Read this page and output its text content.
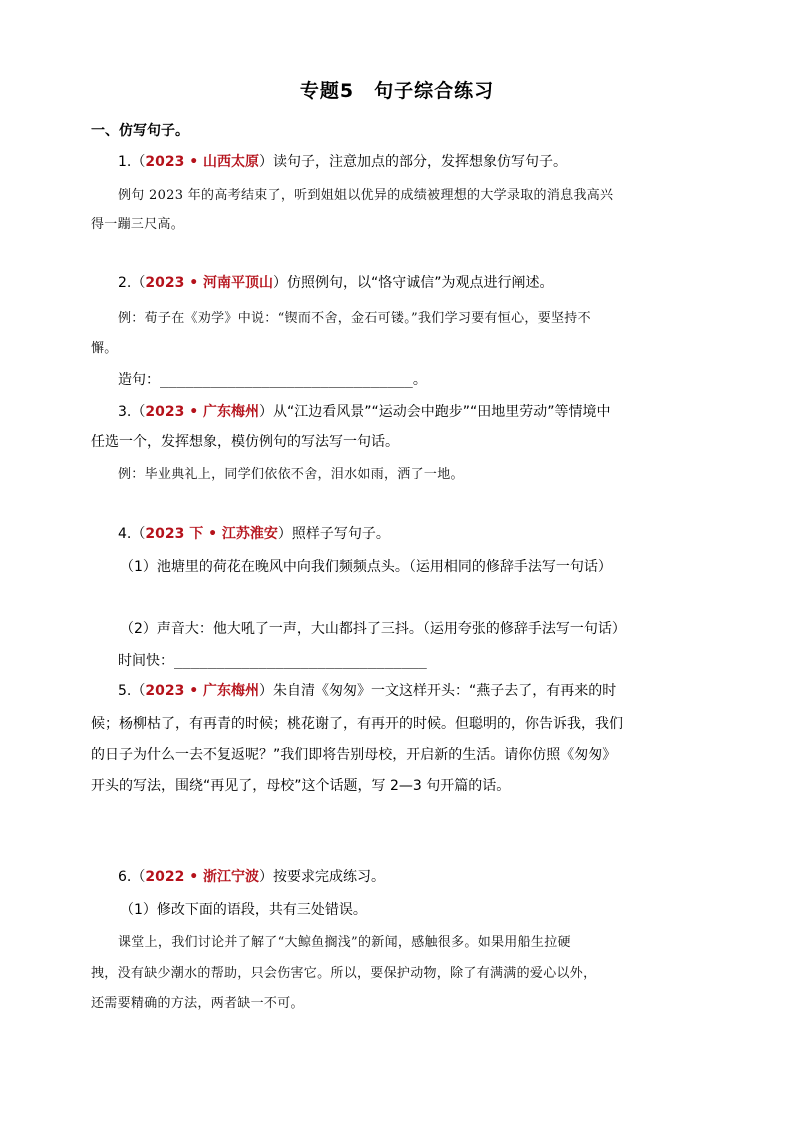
专题5　句子综合练习
一、仿写句子。
1.（2023 • 山西太原）读句子，注意加点的部分，发挥想象仿写句子。
例句 2023 年的高考结束了，听到姐姐以优异的成绩被理想的大学录取的消息我高兴
得一蹦三尺高。
2.（2023 • 河南平顶山）仿照例句，以“恪守诚信”为观点进行阐述。
例：荀子在《劝学》中说：“锲而不舍，金石可镂。”我们学习要有恒心，要坚持不
懈。
造句：______________________________。
3.（2023 • 广东梅州）从“江边看风景”“运动会中跑步”“田地里劳动”等情境中
任选一个，发挥想象，模仿例句的写法写一句话。
例：毕业典礼上，同学们依依不舍，泪水如雨，洒了一地。
4.（2023 下 • 江苏淮安）照样子写句子。
（1）池塘里的荷花在晚风中向我们频频点头。（运用相同的修辞手法写一句话）
（2）声音大：他大吼了一声，大山都抖了三抖。（运用夸张的修辞手法写一句话）
时间快：______________________________
5.（2023 • 广东梅州）朱自清《匆匆》一文这样开头：“燕子去了，有再来的时
候；杨柳枯了，有再青的时候；桃花谢了，有再开的时候。但聪明的，你告诉我，我们
的日子为什么一去不复返呢？”我们即将告别母校，开启新的生活。请你仿照《匆匆》
开头的写法，围绕“再见了，母校”这个话题，写 2—3 句开篇的话。
6.（2022 • 浙江宁波）按要求完成练习。
（1）修改下面的语段，共有三处错误。
课堂上，我们讨论并了解了“大鲸鱼搁浅”的新闻，感触很多。如果用船生拉硬
拽，没有缺少潮水的帮助，只会伤害它。所以，要保护动物，除了有满满的爱心以外，
还需要精确的方法，两者缺一不可。
